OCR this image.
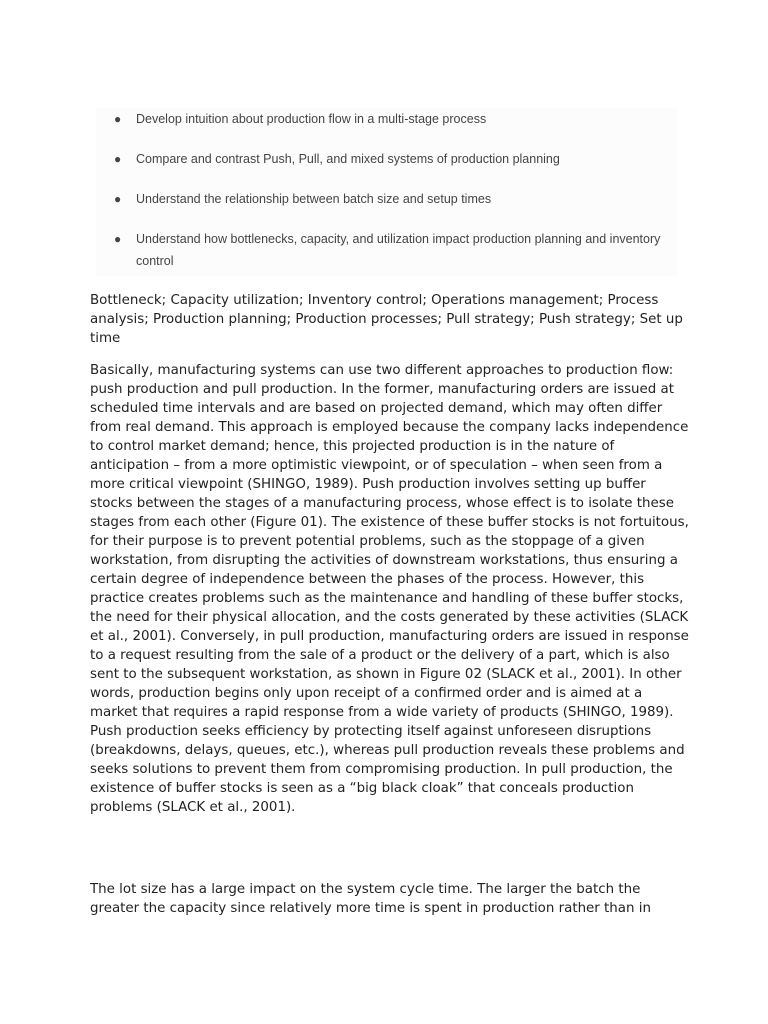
● Develop intuition about production flow in a multi-stage process
● Compare and contrast Push, Pull, and mixed systems of production planning
● Understand the relationship between batch size and setup times
● Understand how bottlenecks, capacity, and utilization impact production planning and inventory control

Bottleneck; Capacity utilization; Inventory control; Operations management; Process analysis; Production planning; Production processes; Pull strategy; Push strategy; Set up time

Basically, manufacturing systems can use two different approaches to production flow: push production and pull production. In the former, manufacturing orders are issued at scheduled time intervals and are based on projected demand, which may often differ from real demand. This approach is employed because the company lacks independence to control market demand; hence, this projected production is in the nature of anticipation – from a more optimistic viewpoint, or of speculation – when seen from a more critical viewpoint (SHINGO, 1989). Push production involves setting up buffer stocks between the stages of a manufacturing process, whose effect is to isolate these stages from each other (Figure 01). The existence of these buffer stocks is not fortuitous, for their purpose is to prevent potential problems, such as the stoppage of a given workstation, from disrupting the activities of downstream workstations, thus ensuring a certain degree of independence between the phases of the process. However, this practice creates problems such as the maintenance and handling of these buffer stocks, the need for their physical allocation, and the costs generated by these activities (SLACK et al., 2001). Conversely, in pull production, manufacturing orders are issued in response to a request resulting from the sale of a product or the delivery of a part, which is also sent to the subsequent workstation, as shown in Figure 02 (SLACK et al., 2001). In other words, production begins only upon receipt of a confirmed order and is aimed at a market that requires a rapid response from a wide variety of products (SHINGO, 1989). Push production seeks efficiency by protecting itself against unforeseen disruptions (breakdowns, delays, queues, etc.), whereas pull production reveals these problems and seeks solutions to prevent them from compromising production. In pull production, the existence of buffer stocks is seen as a “big black cloak” that conceals production problems (SLACK et al., 2001).

The lot size has a large impact on the system cycle time. The larger the batch the greater the capacity since relatively more time is spent in production rather than in
